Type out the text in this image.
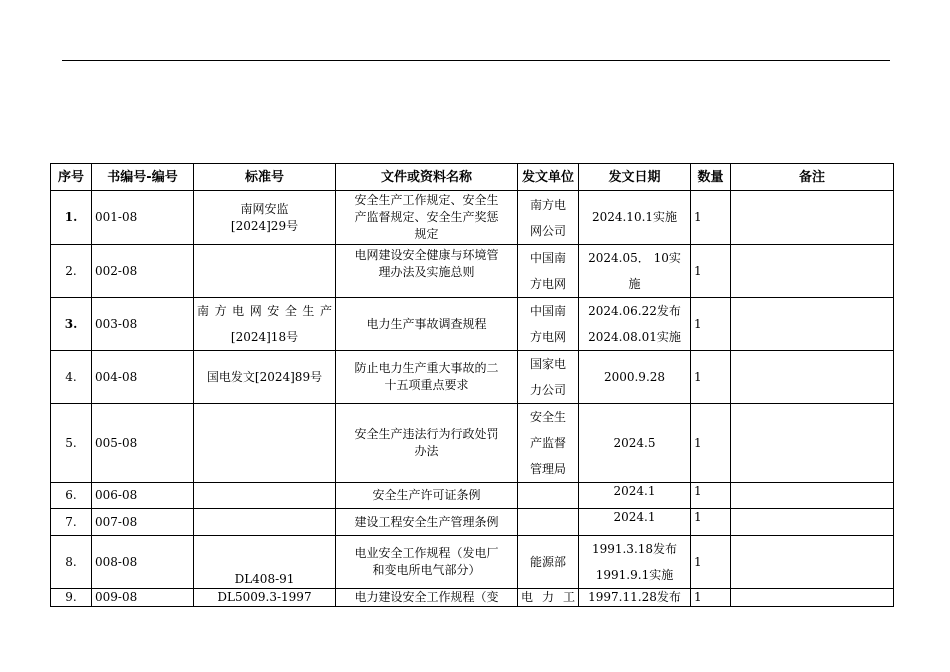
序号	书编号-编号	标准号	文件或资料名称	发文单位	发文日期	数量	备注
1.	001-08	南网安监
[2024]29号	安全生产工作规定、安全生
产监督规定、安全生产奖惩
规定	南方电
网公司	2024.10.1实施	1	
2.	002-08		电网建设安全健康与环境管
理办法及实施总则	中国南
方电网	2024.05． 10实
施	1	
3.	003-08	南方电网安全生产
[2024]18号	电力生产事故调查规程	中国南
方电网	2024.06.22发布
2024.08.01实施	1	
4.	004-08	国电发文[2024]89号	防止电力生产重大事故的二
十五项重点要求	国家电
力公司	2000.9.28	1	
5.	005-08		安全生产违法行为行政处罚
办法	安全生
产监督
管理局	2024.5	1	
6.	006-08		安全生产许可证条例		2024.1	1	
7.	007-08		建设工程安全生产管理条例		2024.1	1	
8.	008-08	DL408-91	电业安全工作规程（发电厂
和变电所电气部分）	能源部	1991.3.18发布
1991.9.1实施	1	
9.	009-08	DL5009.3-1997	电力建设安全工作规程（变	电力工	1997.11.28发布	1	
